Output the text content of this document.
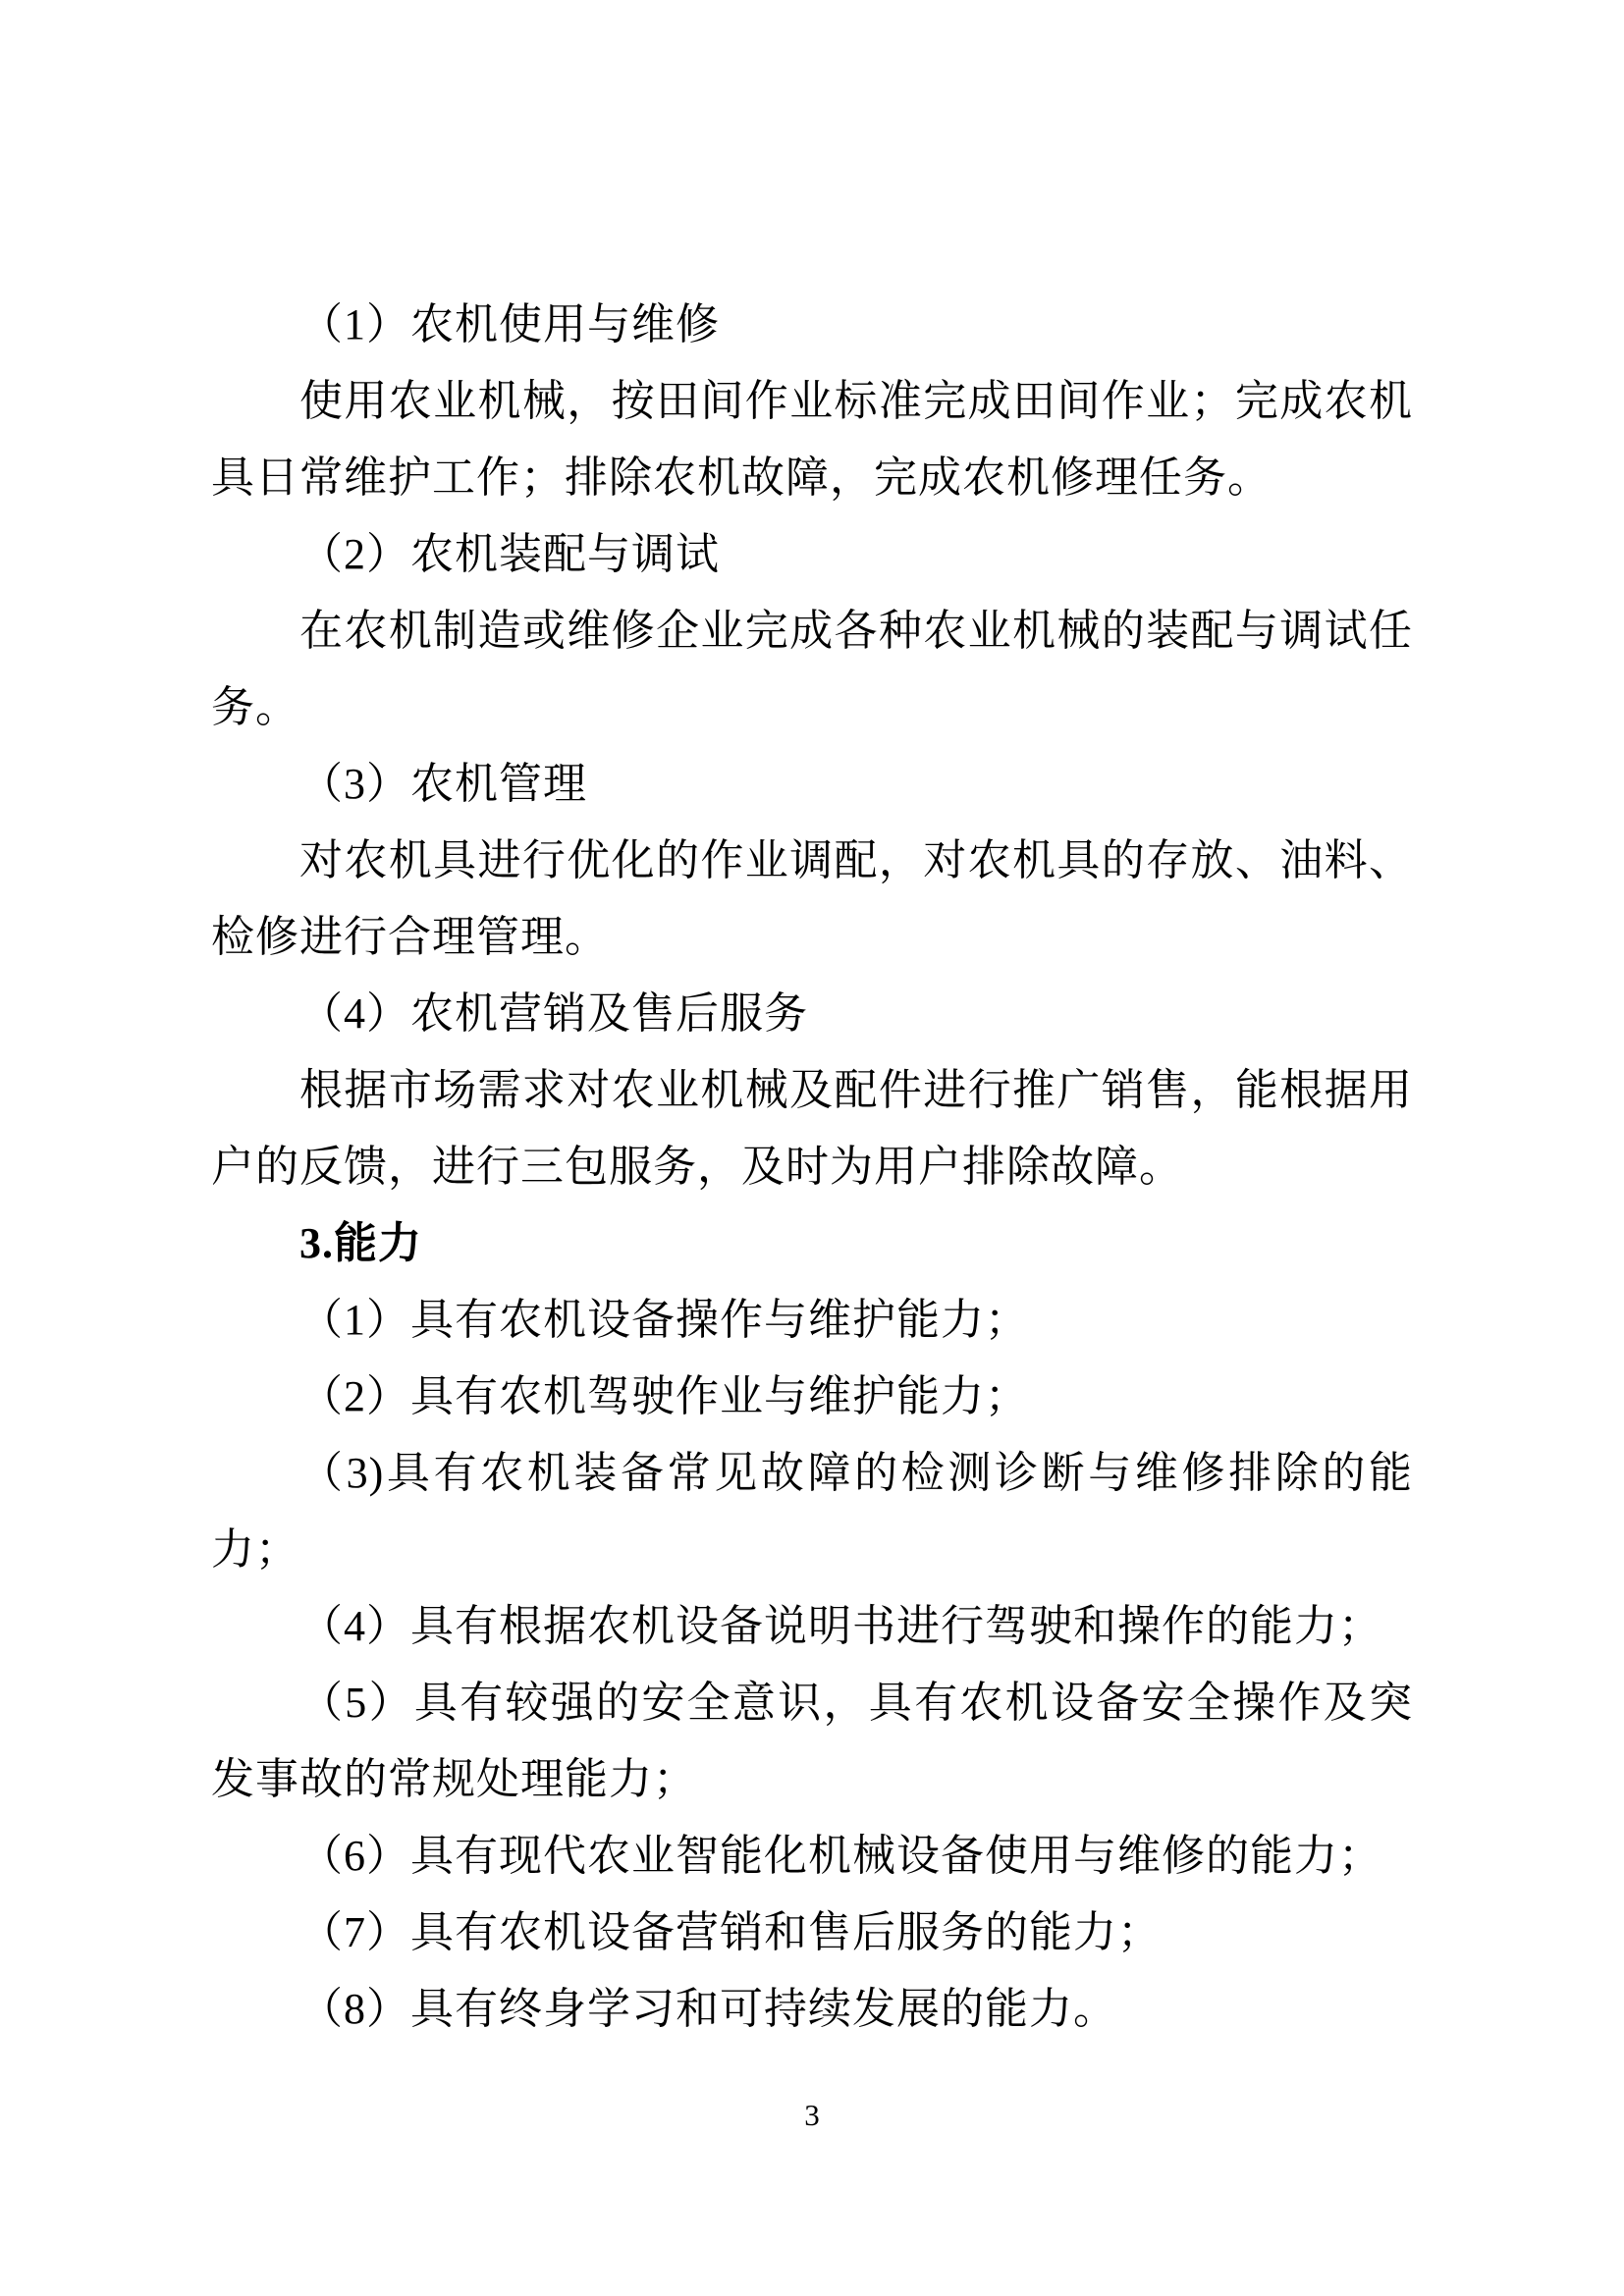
（1）农机使用与维修

使用农业机械，按田间作业标准完成田间作业；完成农机具日常维护工作；排除农机故障，完成农机修理任务。

（2）农机装配与调试

在农机制造或维修企业完成各种农业机械的装配与调试任务。

（3）农机管理

对农机具进行优化的作业调配，对农机具的存放、油料、检修进行合理管理。

（4）农机营销及售后服务

根据市场需求对农业机械及配件进行推广销售，能根据用户的反馈，进行三包服务，及时为用户排除故障。

3.能力

（1）具有农机设备操作与维护能力；

（2）具有农机驾驶作业与维护能力；

（3)具有农机装备常见故障的检测诊断与维修排除的能力；

（4）具有根据农机设备说明书进行驾驶和操作的能力；

（5）具有较强的安全意识，具有农机设备安全操作及突发事故的常规处理能力；

（6）具有现代农业智能化机械设备使用与维修的能力；

（7）具有农机设备营销和售后服务的能力；

（8）具有终身学习和可持续发展的能力。

3
